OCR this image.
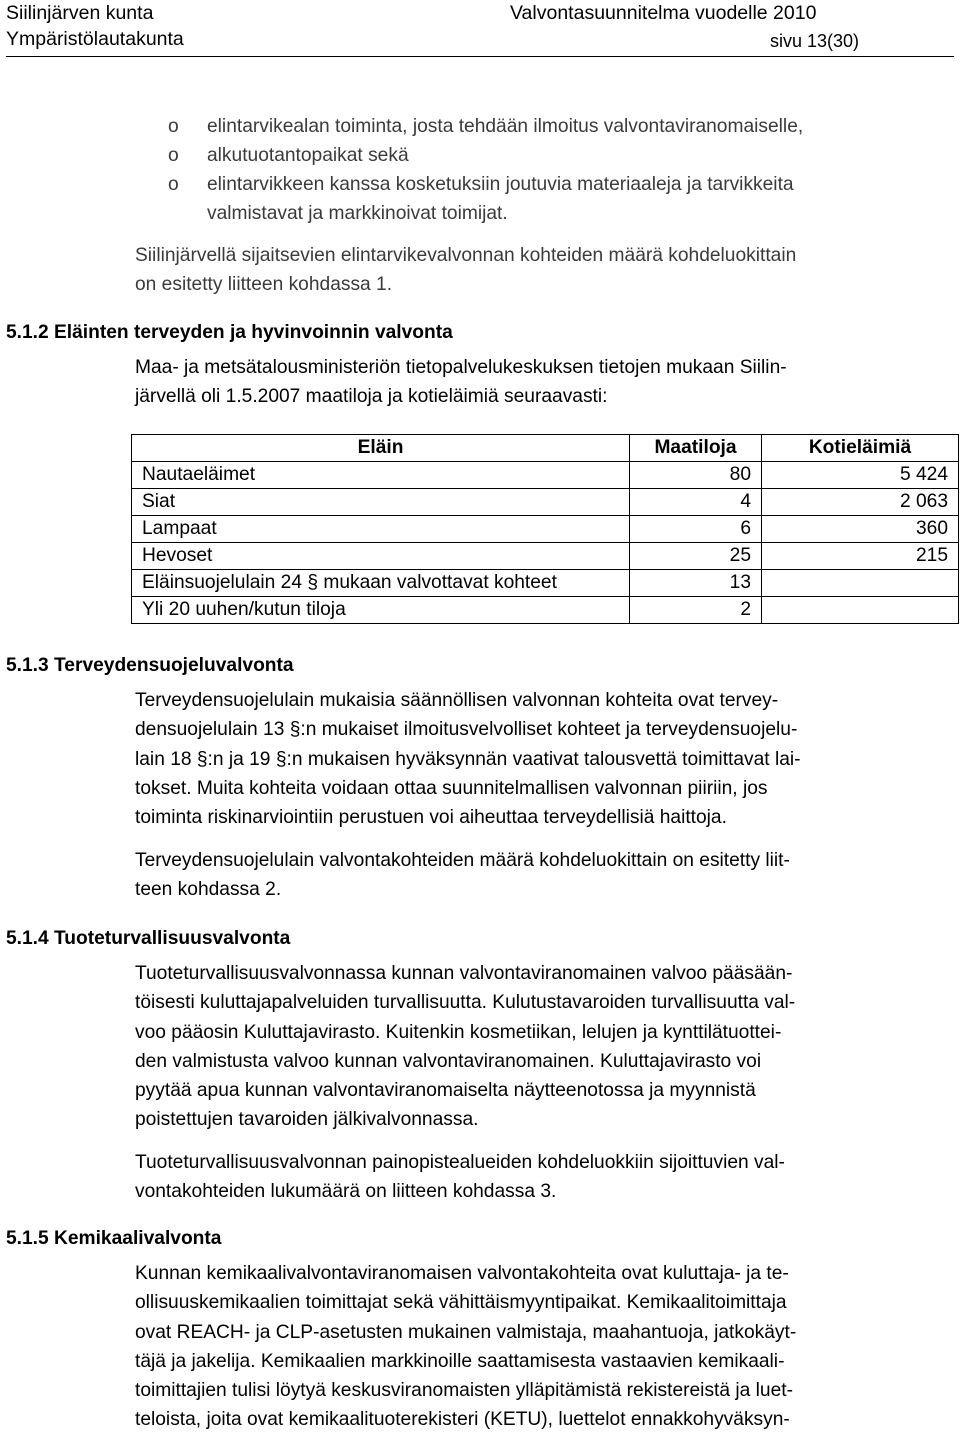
Siilinjärven kunta
Ympäristölautakunta
Valvontasuunnitelma vuodelle 2010
sivu 13(30)
o elintarvikealan toiminta, josta tehdään ilmoitus valvontaviranomaiselle,
o alkutuotantopaikat sekä
o elintarvikkeen kanssa kosketuksiin joutuvia materiaaleja ja tarvikkeita
valmistavat ja markkinoivat toimijat.
Siilinjärvellä sijaitsevien elintarvikevalvonnan kohteiden määrä kohdeluokittain
on esitetty liitteen kohdassa 1.
5.1.2 Eläinten terveyden ja hyvinvoinnin valvonta
Maa- ja metsätalousministeriön tietopalvelukeskuksen tietojen mukaan Siilin-
järvellä oli 1.5.2007 maatiloja ja kotieläimiä seuraavasti:
Eläin	Maatiloja	Kotieläimiä
Nautaeläimet	80	5 424
Siat	4	2 063
Lampaat	6	360
Hevoset	25	215
Eläinsuojelulain 24 § mukaan valvottavat kohteet	13	
Yli 20 uuhen/kutun tiloja	2	
5.1.3 Terveydensuojeluvalvonta
Terveydensuojelulain mukaisia säännöllisen valvonnan kohteita ovat tervey-
densuojelulain 13 §:n mukaiset ilmoitusvelvolliset kohteet ja terveydensuojelu-
lain 18 §:n ja 19 §:n mukaisen hyväksynnän vaativat talousvettä toimittavat lai-
tokset. Muita kohteita voidaan ottaa suunnitelmallisen valvonnan piiriin, jos
toiminta riskinarviointiin perustuen voi aiheuttaa terveydellisiä haittoja.
Terveydensuojelulain valvontakohteiden määrä kohdeluokittain on esitetty liit-
teen kohdassa 2.
5.1.4 Tuoteturvallisuusvalvonta
Tuoteturvallisuusvalvonnassa kunnan valvontaviranomainen valvoo pääsään-
töisesti kuluttajapalveluiden turvallisuutta. Kulutustavaroiden turvallisuutta val-
voo pääosin Kuluttajavirasto. Kuitenkin kosmetiikan, lelujen ja kynttilätuottei-
den valmistusta valvoo kunnan valvontaviranomainen. Kuluttajavirasto voi
pyytää apua kunnan valvontaviranomaiselta näytteenotossa ja myynnistä
poistettujen tavaroiden jälkivalvonnassa.
Tuoteturvallisuusvalvonnan painopistealueiden kohdeluokkiin sijoittuvien val-
vontakohteiden lukumäärä on liitteen kohdassa 3.
5.1.5 Kemikaalivalvonta
Kunnan kemikaalivalvontaviranomaisen valvontakohteita ovat kuluttaja- ja te-
ollisuuskemikaalien toimittajat sekä vähittäismyyntipaikat. Kemikaalitoimittaja
ovat REACH- ja CLP-asetusten mukainen valmistaja, maahantuoja, jatkokäyt-
täjä ja jakelija. Kemikaalien markkinoille saattamisesta vastaavien kemikaali-
toimittajien tulisi löytyä keskusviranomaisten ylläpitämistä rekistereistä ja luet-
teloista, joita ovat kemikaalituoterekisteri (KETU), luettelot ennakkohyväksyn-
